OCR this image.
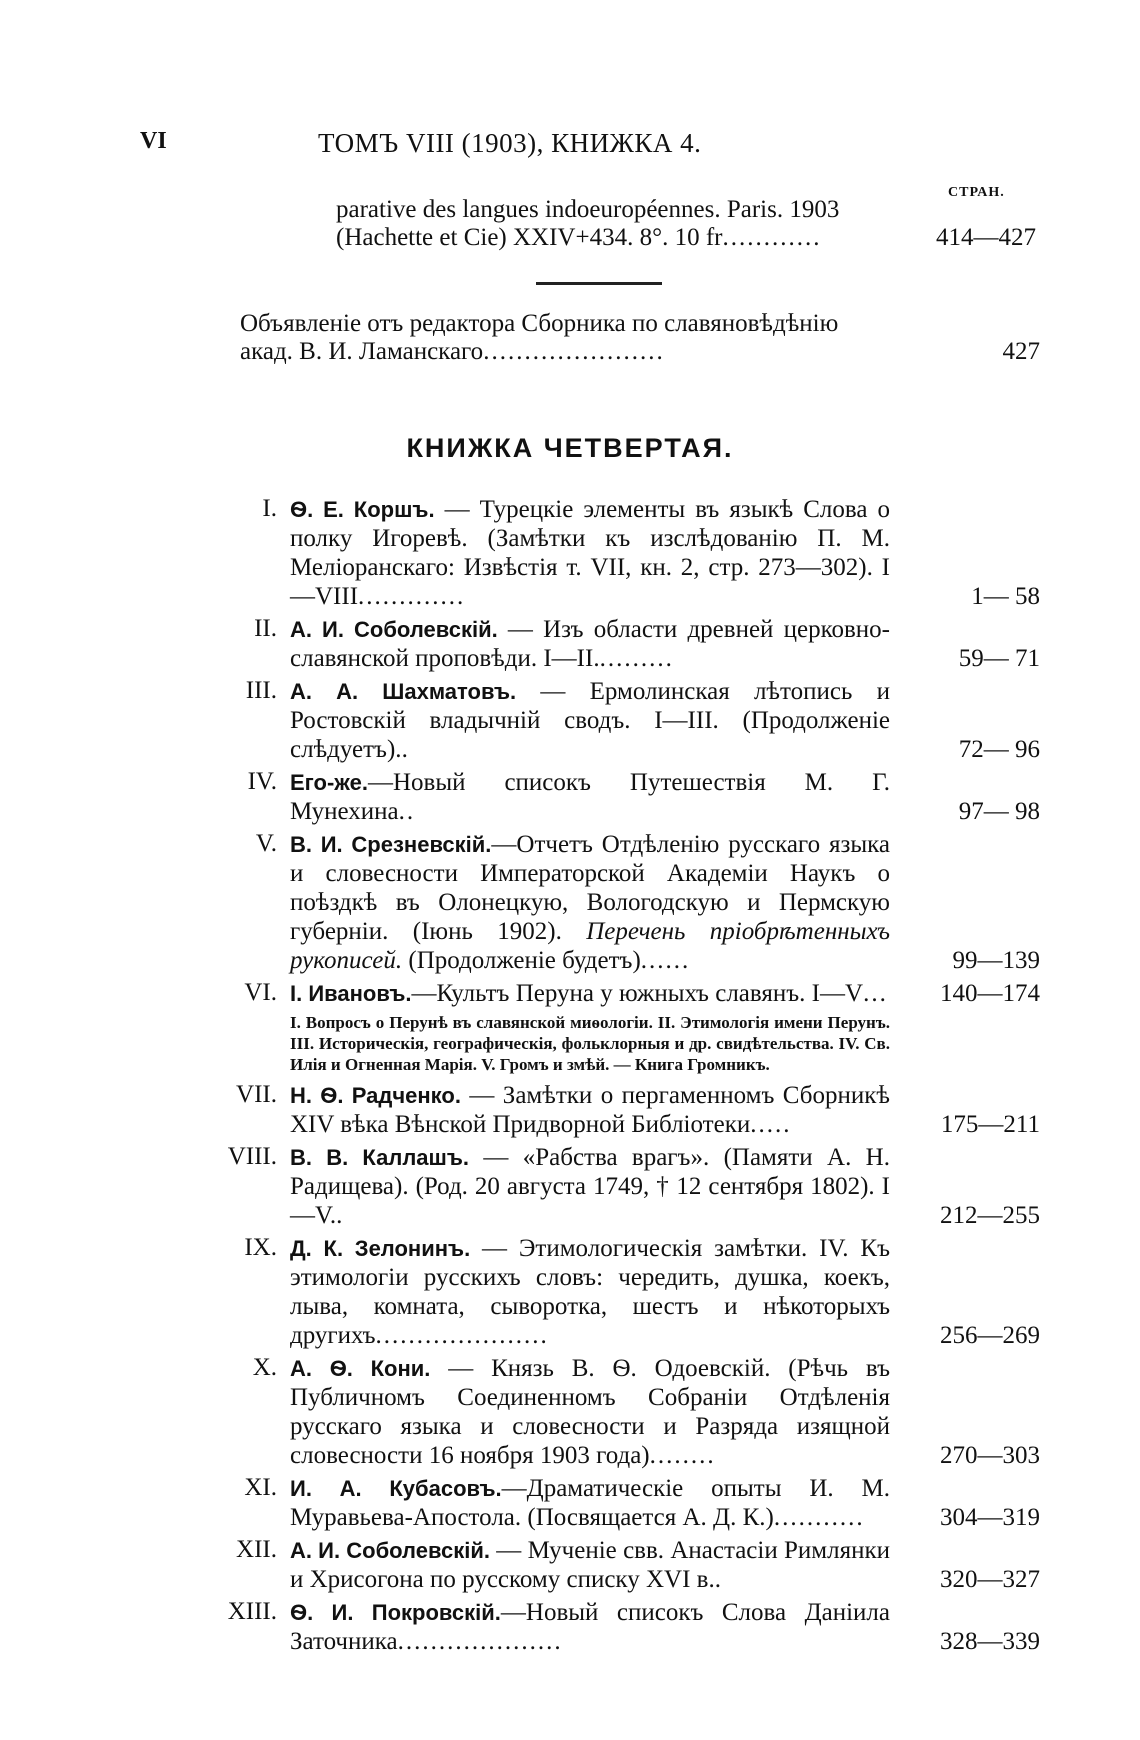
VI	ТОМЪ VIII (1903), КНИЖКА 4.
СТРАН.
parative des langues indoeuropéennes. Paris. 1903
(Hachette et Cie) XXIV+434. 8°. 10 fr............	414—427
Объявленіе отъ редактора Сборника по славяновѣдѣнію
акад. В. И. Ламанскаго......................	427
КНИЖКА ЧЕТВЕРТАЯ.
I. Ѳ. Е. Коршъ. — Турецкіе элементы въ языкѣ Слова о полку Игоревѣ. (Замѣтки къ изслѣдованію П. М. Меліоранскаго: Извѣстія т. VII, кн. 2, стр. 273—302). I—VIII.............	1— 58
II. А. И. Соболевскій. — Изъ области древней церковно-славянской проповѣди. I—II..........	59— 71
III. А. А. Шахматовъ. — Ермолинская лѣтопись и Ростовскій владычній сводъ. I—III. (Продолженіе слѣдуетъ)..	72— 96
IV. Его-же.—Новый списокъ Путешествія М. Г. Мунехина..	97— 98
V. В. И. Срезневскій.—Отчетъ Отдѣленію русскаго языка и словесности Императорской Академіи Наукъ о поѣздкѣ въ Олонецкую, Вологодскую и Пермскую губерніи. (Іюнь 1902). Перечень пріобрѣтенныхъ рукописей. (Продолженіе будетъ)......	99—139
VI. І. Ивановъ.—Культъ Перуна у южныхъ славянъ. I—V... 140—174
I. Вопросъ о Перунѣ въ славянской миѳологіи. II. Этимологія имени Перунъ. III. Историческія, географическія, фольклорныя и др. свидѣтельства. IV. Св. Илія и Огненная Марія. V. Громъ и змѣй. — Книга Громникъ.
VII. Н. Ѳ. Радченко. — Замѣтки о пергаменномъ Сборникѣ XIV вѣка Вѣнской Придворной Библіотеки.....	175—211
VIII. В. В. Каллашъ. — «Рабства врагъ». (Памяти А. Н. Радищева). (Род. 20 августа 1749, † 12 сентября 1802). I—V..	212—255
IX. Д. К. Зелонинъ. — Этимологическія замѣтки. IV. Къ этимологіи русскихъ словъ: чередить, душка, коекъ, лыва, комната, сыворотка, шестъ и нѣкоторыхъ другихъ.....................	256—269
X. А. Ѳ. Кони. — Князь В. Ѳ. Одоевскій. (Рѣчь въ Публичномъ Соединенномъ Собраніи Отдѣленія русскаго языка и словесности и Разряда изящной словесности 16 ноября 1903 года)........	270—303
XI. И. А. Кубасовъ.—Драматическіе опыты И. М. Муравьева-Апостола. (Посвящается А. Д. К.)...........	304—319
XII. А. И. Соболевскій. — Мученіе свв. Анастасіи Римлянки и Хрисогона по русскому списку XVI в..	320—327
XIII. Ѳ. И. Покровскій.—Новый списокъ Слова Даніила Заточника....................	328—339
